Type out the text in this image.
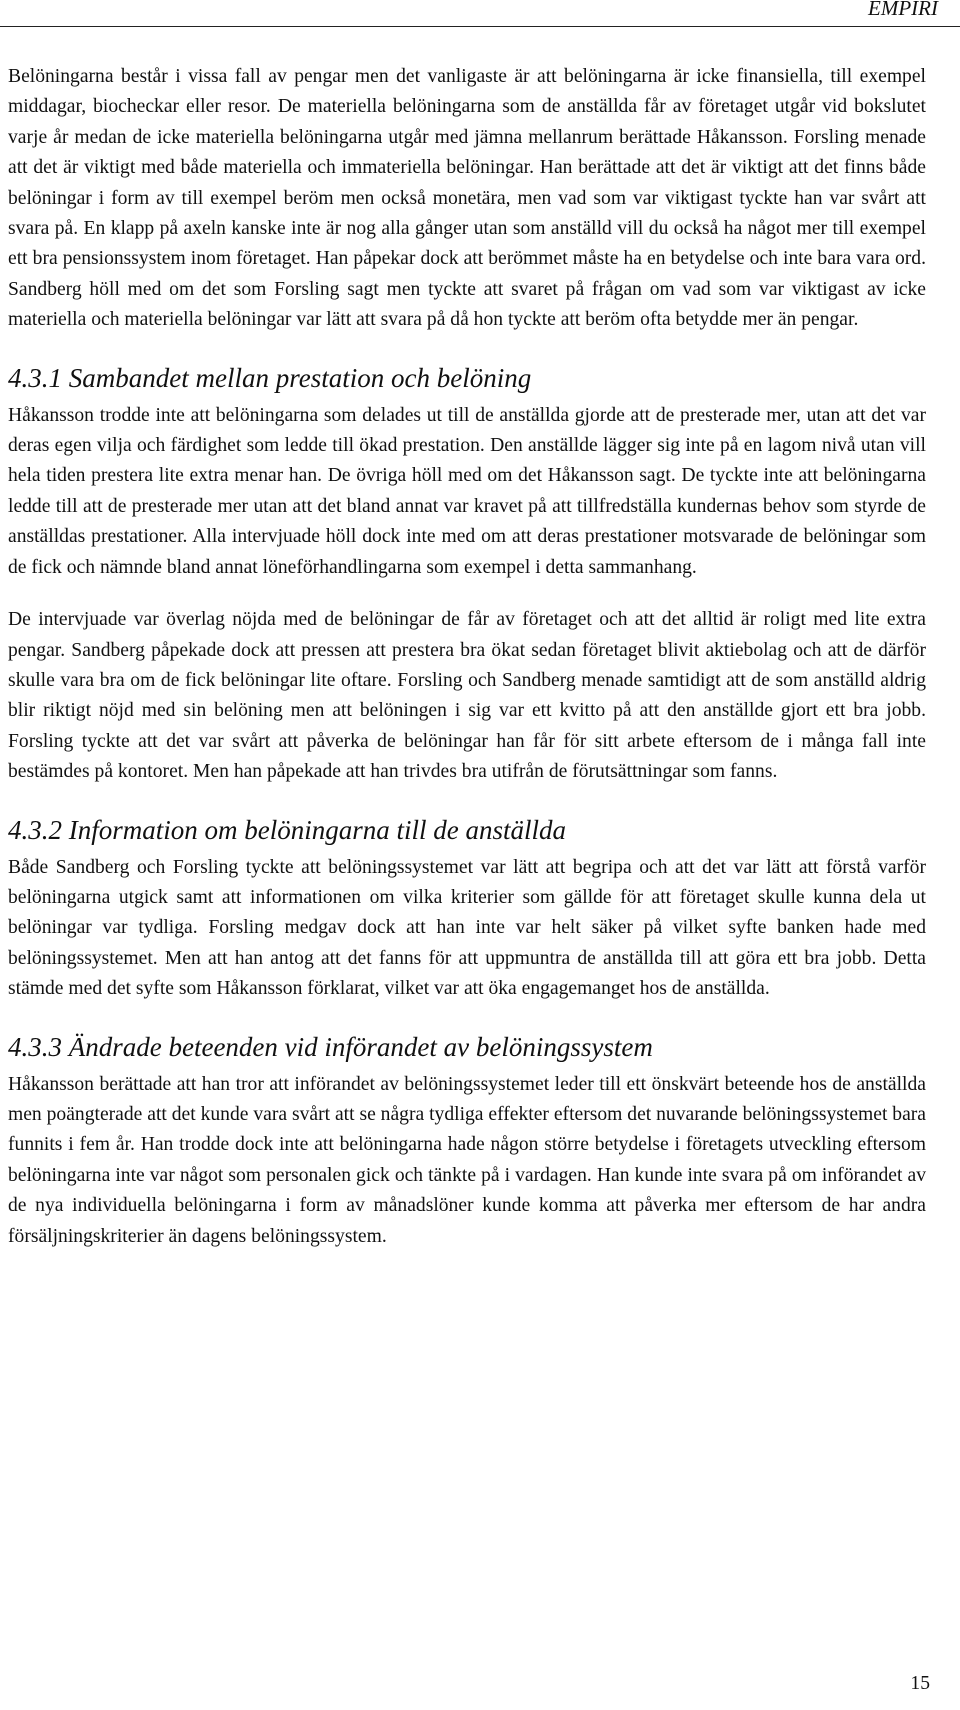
EMPIRI

Belöningarna består i vissa fall av pengar men det vanligaste är att belöningarna är icke finansiella, till exempel middagar, biocheckar eller resor. De materiella belöningarna som de anställda får av företaget utgår vid bokslutet varje år medan de icke materiella belöningarna utgår med jämna mellanrum berättade Håkansson. Forsling menade att det är viktigt med både materiella och immateriella belöningar. Han berättade att det är viktigt att det finns både belöningar i form av till exempel beröm men också monetära, men vad som var viktigast tyckte han var svårt att svara på. En klapp på axeln kanske inte är nog alla gånger utan som anställd vill du också ha något mer till exempel ett bra pensionssystem inom företaget. Han påpekar dock att berömmet måste ha en betydelse och inte bara vara ord. Sandberg höll med om det som Forsling sagt men tyckte att svaret på frågan om vad som var viktigast av icke materiella och materiella belöningar var lätt att svara på då hon tyckte att beröm ofta betydde mer än pengar.

4.3.1 Sambandet mellan prestation och belöning

Håkansson trodde inte att belöningarna som delades ut till de anställda gjorde att de presterade mer, utan att det var deras egen vilja och färdighet som ledde till ökad prestation. Den anställde lägger sig inte på en lagom nivå utan vill hela tiden prestera lite extra menar han. De övriga höll med om det Håkansson sagt. De tyckte inte att belöningarna ledde till att de presterade mer utan att det bland annat var kravet på att tillfredställa kundernas behov som styrde de anställdas prestationer. Alla intervjuade höll dock inte med om att deras prestationer motsvarade de belöningar som de fick och nämnde bland annat löneförhandlingarna som exempel i detta sammanhang.

De intervjuade var överlag nöjda med de belöningar de får av företaget och att det alltid är roligt med lite extra pengar. Sandberg påpekade dock att pressen att prestera bra ökat sedan företaget blivit aktiebolag och att de därför skulle vara bra om de fick belöningar lite oftare. Forsling och Sandberg menade samtidigt att de som anställd aldrig blir riktigt nöjd med sin belöning men att belöningen i sig var ett kvitto på att den anställde gjort ett bra jobb. Forsling tyckte att det var svårt att påverka de belöningar han får för sitt arbete eftersom de i många fall inte bestämdes på kontoret. Men han påpekade att han trivdes bra utifrån de förutsättningar som fanns.

4.3.2 Information om belöningarna till de anställda

Både Sandberg och Forsling tyckte att belöningssystemet var lätt att begripa och att det var lätt att förstå varför belöningarna utgick samt att informationen om vilka kriterier som gällde för att företaget skulle kunna dela ut belöningar var tydliga. Forsling medgav dock att han inte var helt säker på vilket syfte banken hade med belöningssystemet. Men att han antog att det fanns för att uppmuntra de anställda till att göra ett bra jobb. Detta stämde med det syfte som Håkansson förklarat, vilket var att öka engagemanget hos de anställda.

4.3.3 Ändrade beteenden vid införandet av belöningssystem

Håkansson berättade att han tror att införandet av belöningssystemet leder till ett önskvärt beteende hos de anställda men poängterade att det kunde vara svårt att se några tydliga effekter eftersom det nuvarande belöningssystemet bara funnits i fem år. Han trodde dock inte att belöningarna hade någon större betydelse i företagets utveckling eftersom belöningarna inte var något som personalen gick och tänkte på i vardagen. Han kunde inte svara på om införandet av de nya individuella belöningarna i form av månadslöner kunde komma att påverka mer eftersom de har andra försäljningskriterier än dagens belöningssystem.

15
